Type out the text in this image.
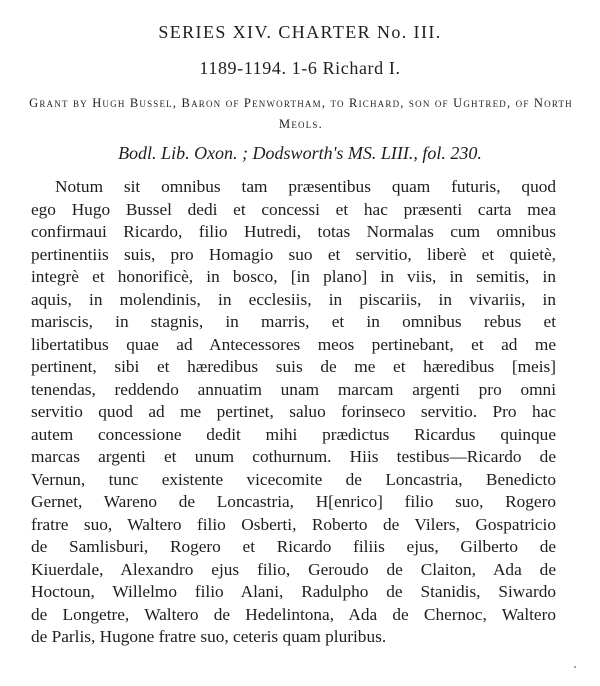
SERIES XIV. CHARTER No. III.
1189-1194. 1-6 Richard I.
Grant by Hugh Bussel, Baron of Penwortham, to Richard, son of Ughtred, of North Meols.
Bodl. Lib. Oxon. ; Dodsworth's MS. LIII., fol. 230.
Notum sit omnibus tam præsentibus quam futuris, quod
ego Hugo Bussel dedi et concessi et hac præsenti carta mea
confirmaui Ricardo, filio Hutredi, totas Normalas cum omnibus
pertinentiis suis, pro Homagio suo et servitio, liberè et quietè,
integrè et honorificè, in bosco, [in plano] in viis, in semitis, in
aquis, in molendinis, in ecclesiis, in piscariis, in vivariis, in
mariscis, in stagnis, in marris, et in omnibus rebus et
libertatibus quae ad Antecessores meos pertinebant, et ad me
pertinent, sibi et hæredibus suis de me et hæredibus [meis]
tenendas, reddendo annuatim unam marcam argenti pro omni
servitio quod ad me pertinet, saluo forinseco servitio. Pro hac
autem concessione dedit mihi prædictus Ricardus quinque
marcas argenti et unum cothurnum. Hiis testibus—Ricardo de
Vernun, tunc existente vicecomite de Loncastria, Benedicto
Gernet, Wareno de Loncastria, H[enrico] filio suo, Rogero
fratre suo, Waltero filio Osberti, Roberto de Vilers, Gospatricio
de Samlisburi, Rogero et Ricardo filiis ejus, Gilberto de
Kiuerdale, Alexandro ejus filio, Geroudo de Claiton, Ada de
Hoctoun, Willelmo filio Alani, Radulpho de Stanidis, Siwardo
de Longetre, Waltero de Hedelintona, Ada de Chernoc, Waltero
de Parlis, Hugone fratre suo, ceteris quam pluribus.
